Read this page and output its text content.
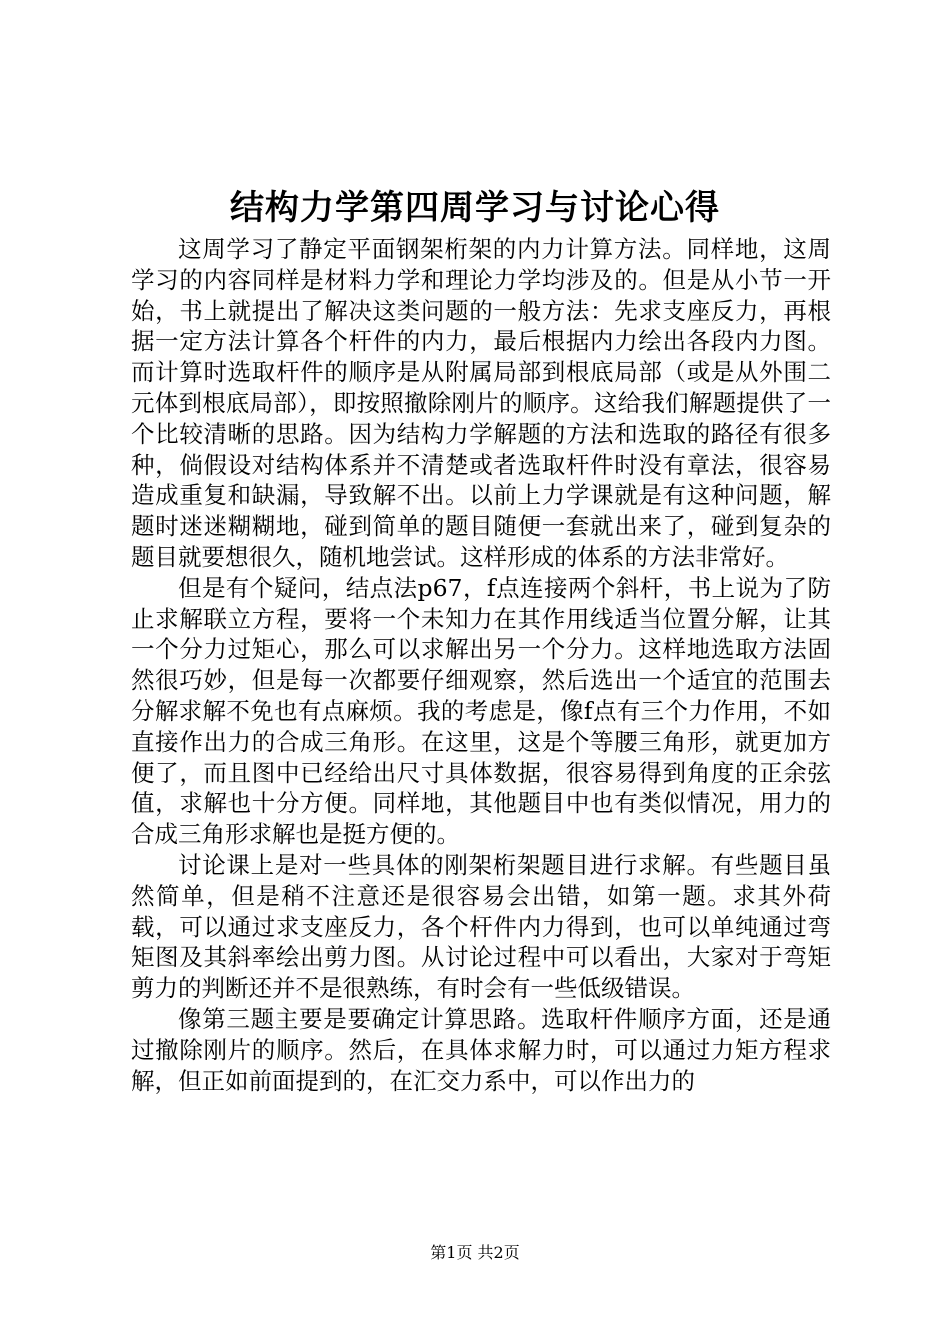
结构力学第四周学习与讨论心得

这周学习了静定平面钢架桁架的内力计算方法。同样地，这周学习的内容同样是材料力学和理论力学均涉及的。但是从小节一开始，书上就提出了解决这类问题的一般方法：先求支座反力，再根据一定方法计算各个杆件的内力，最后根据内力绘出各段内力图。而计算时选取杆件的顺序是从附属局部到根底局部（或是从外围二元体到根底局部），即按照撤除刚片的顺序。这给我们解题提供了一个比较清晰的思路。因为结构力学解题的方法和选取的路径有很多种，倘假设对结构体系并不清楚或者选取杆件时没有章法，很容易造成重复和缺漏，导致解不出。以前上力学课就是有这种问题，解题时迷迷糊糊地，碰到简单的题目随便一套就出来了，碰到复杂的题目就要想很久，随机地尝试。这样形成的体系的方法非常好。

但是有个疑问，结点法p67，f点连接两个斜杆，书上说为了防止求解联立方程，要将一个未知力在其作用线适当位置分解，让其一个分力过矩心，那么可以求解出另一个分力。这样地选取方法固然很巧妙，但是每一次都要仔细观察，然后选出一个适宜的范围去分解求解不免也有点麻烦。我的考虑是，像f点有三个力作用，不如直接作出力的合成三角形。在这里，这是个等腰三角形，就更加方便了，而且图中已经给出尺寸具体数据，很容易得到角度的正余弦值，求解也十分方便。同样地，其他题目中也有类似情况，用力的合成三角形求解也是挺方便的。

讨论课上是对一些具体的刚架桁架题目进行求解。有些题目虽然简单，但是稍不注意还是很容易会出错，如第一题。求其外荷载，可以通过求支座反力，各个杆件内力得到，也可以单纯通过弯矩图及其斜率绘出剪力图。从讨论过程中可以看出，大家对于弯矩剪力的判断还并不是很熟练，有时会有一些低级错误。

像第三题主要是要确定计算思路。选取杆件顺序方面，还是通过撤除刚片的顺序。然后，在具体求解力时，可以通过力矩方程求解，但正如前面提到的，在汇交力系中，可以作出力的

第1页 共2页
